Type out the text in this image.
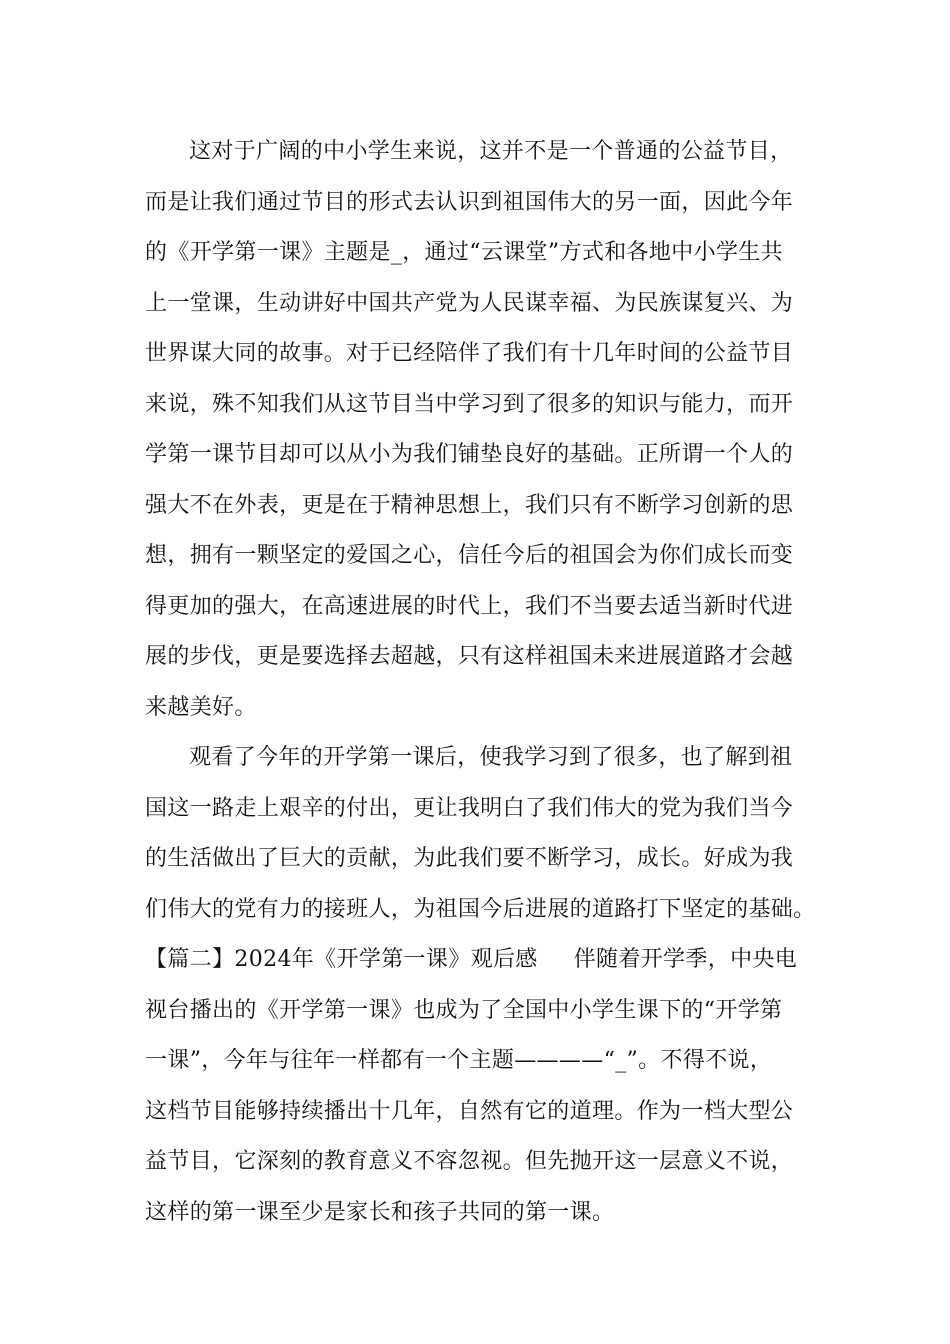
这对于广阔的中小学生来说，这并不是一个普通的公益节目，
而是让我们通过节目的形式去认识到祖国伟大的另一面，因此今年
的《开学第一课》主题是_，通过“云课堂”方式和各地中小学生共
上一堂课，生动讲好中国共产党为人民谋幸福、为民族谋复兴、为
世界谋大同的故事。对于已经陪伴了我们有十几年时间的公益节目
来说，殊不知我们从这节目当中学习到了很多的知识与能力，而开
学第一课节目却可以从小为我们铺垫良好的基础。正所谓一个人的
强大不在外表，更是在于精神思想上，我们只有不断学习创新的思
想，拥有一颗坚定的爱国之心，信任今后的祖国会为你们成长而变
得更加的强大，在高速进展的时代上，我们不当要去适当新时代进
展的步伐，更是要选择去超越，只有这样祖国未来进展道路才会越
来越美好。
观看了今年的开学第一课后，使我学习到了很多，也了解到祖
国这一路走上艰辛的付出，更让我明白了我们伟大的党为我们当今
的生活做出了巨大的贡献，为此我们要不断学习，成长。好成为我
们伟大的党有力的接班人，为祖国今后进展的道路打下坚定的基础。
【篇二】2024年《开学第一课》观后感 伴随着开学季，中央电
视台播出的《开学第一课》也成为了全国中小学生课下的“开学第
一课”，今年与往年一样都有一个主题————“_”。不得不说，
这档节目能够持续播出十几年，自然有它的道理。作为一档大型公
益节目，它深刻的教育意义不容忽视。但先抛开这一层意义不说，
这样的第一课至少是家长和孩子共同的第一课。
